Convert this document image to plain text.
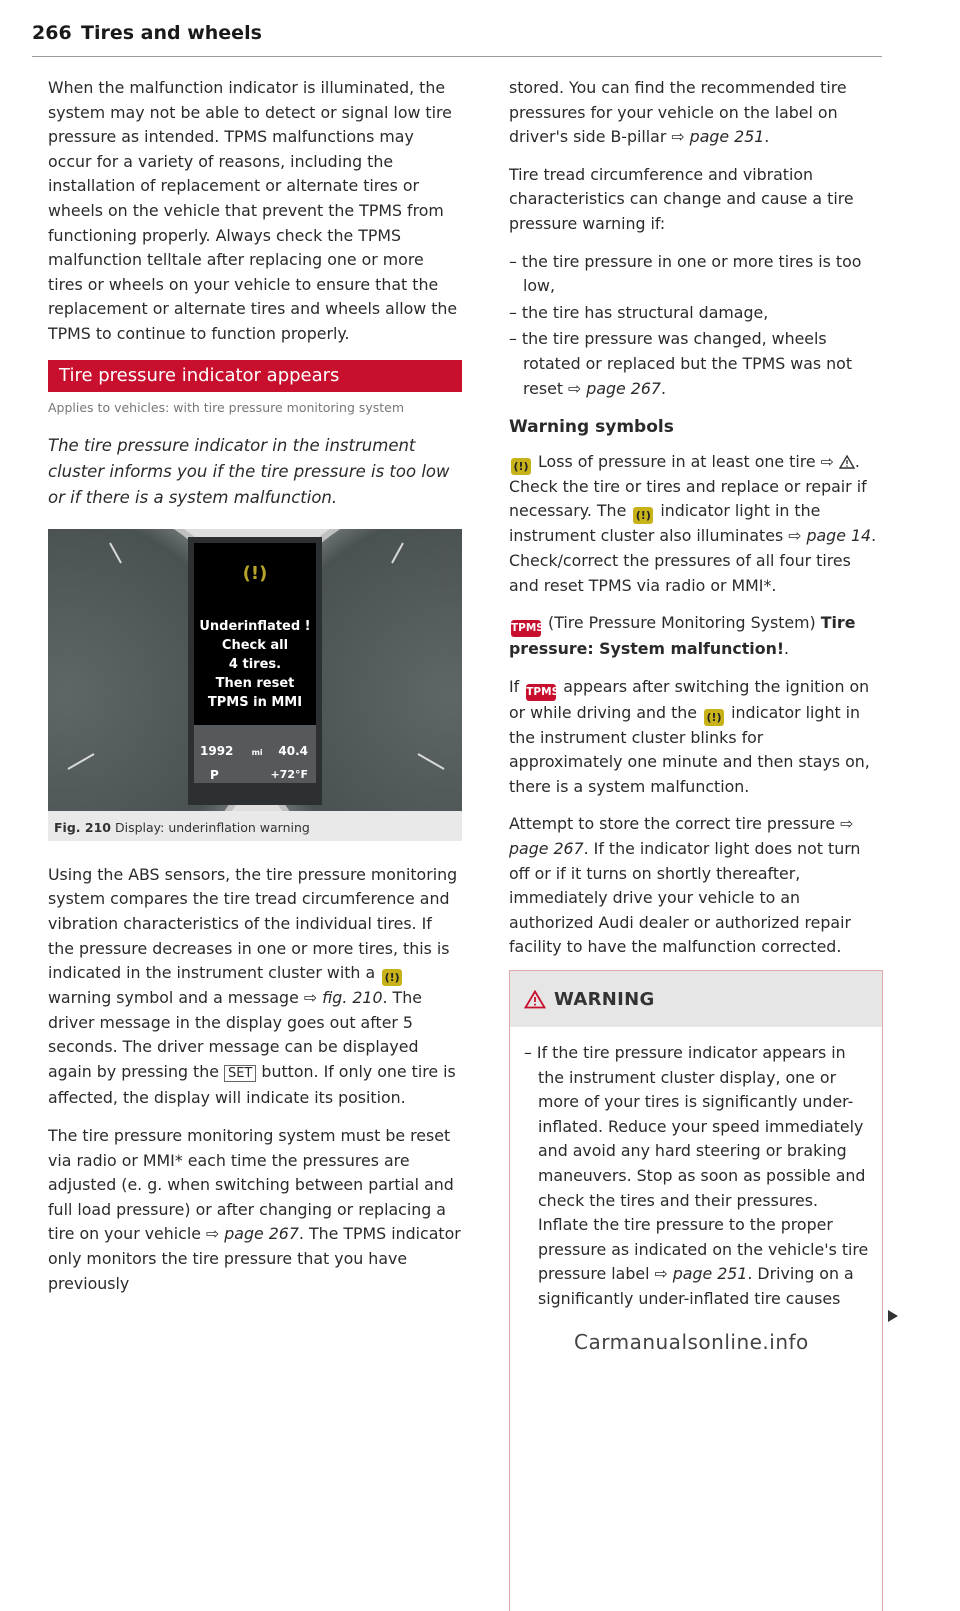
266 Tires and wheels

When the malfunction indicator is illuminated, the system may not be able to detect or signal low tire pressure as intended. TPMS malfunctions may occur for a variety of reasons, including the installation of replacement or alternate tires or wheels on the vehicle that prevent the TPMS from functioning properly. Always check the TPMS malfunction telltale after replacing one or more tires or wheels on your vehicle to ensure that the replacement or alternate tires and wheels allow the TPMS to continue to function properly.

Tire pressure indicator appears
Applies to vehicles: with tire pressure monitoring system

The tire pressure indicator in the instrument cluster informs you if the tire pressure is too low or if there is a system malfunction.

(!)
Underinflated !
Check all
4 tires.
Then reset
TPMS in MMI
1992 mi 40.4
P	+72°F
B8R-0512
Fig. 210 Display: underinflation warning

Using the ABS sensors, the tire pressure monitoring system compares the tire tread circumference and vibration characteristics of the individual tires. If the pressure decreases in one or more tires, this is indicated in the instrument cluster with a (!) warning symbol and a message ⇨ fig. 210. The driver message in the display goes out after 5 seconds. The driver message can be displayed again by pressing the SET button. If only one tire is affected, the display will indicate its position.

The tire pressure monitoring system must be reset via radio or MMI* each time the pressures are adjusted (e. g. when switching between partial and full load pressure) or after changing or replacing a tire on your vehicle ⇨ page 267. The TPMS indicator only monitors the tire pressure that you have previously

stored. You can find the recommended tire pressures for your vehicle on the label on driver's side B-pillar ⇨ page 251.

Tire tread circumference and vibration characteristics can change and cause a tire pressure warning if:

– the tire pressure in one or more tires is too low,
– the tire has structural damage,
– the tire pressure was changed, wheels rotated or replaced but the TPMS was not reset ⇨ page 267.
Warning symbols

(!) Loss of pressure in at least one tire ⇨ . Check the tire or tires and replace or repair if necessary. The (!) indicator light in the instrument cluster also illuminates ⇨ page 14. Check/correct the pressures of all four tires and reset TPMS via radio or MMI*.

TPMS (Tire Pressure Monitoring System) Tire pressure: System malfunction!.

If TPMS appears after switching the ignition on or while driving and the (!) indicator light in the instrument cluster blinks for approximately one minute and then stays on, there is a system malfunction.

Attempt to store the correct tire pressure ⇨ page 267. If the indicator light does not turn off or if it turns on shortly thereafter, immediately drive your vehicle to an authorized Audi dealer or authorized repair facility to have the malfunction corrected.

WARNING
– If the tire pressure indicator appears in the instrument cluster display, one or more of your tires is significantly under-inflated. Reduce your speed immediately and avoid any hard steering or braking maneuvers. Stop as soon as possible and check the tires and their pressures. Inflate the tire pressure to the proper pressure as indicated on the vehicle's tire pressure label ⇨ page 251. Driving on a significantly under-inflated tire causes
Carmanualsonline.info
